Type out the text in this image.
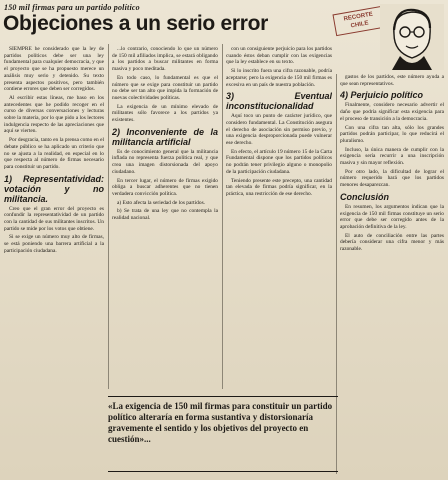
150 mil firmas para un partido político
Objeciones a un serio error	RECORTE
CHILE

SIEMPRE he considerado que la ley de partidos políticos debe ser una ley fundamental para cualquier democracia, y que el proyecto que se ha propuesto merece un análisis muy serio y detenido. Su texto presenta aspectos positivos, pero también contiene errores que deben ser corregidos.

Al escribir estas líneas, me baso en los antecedentes que he podido recoger en el curso de diversas conversaciones y lecturas sobre la materia, por lo que pido a los lectores indulgencia respecto de las apreciaciones que aquí se vierten.

Por desgracia, tanto en la prensa como en el debate público se ha aplicado un criterio que no se ajusta a la realidad, en especial en lo que respecta al número de firmas necesario para constituir un partido.

1) Representatividad: votación y no militancia.

Creo que el gran error del proyecto es confundir la representatividad de un partido con la cantidad de sus militantes inscritos. Un partido se mide por los votos que obtiene.

Si se exige un número muy alto de firmas, se está poniendo una barrera artificial a la participación ciudadana.

...lo contrario, conociendo lo que un número de 150 mil afiliados implica, se estará obligando a los partidos a buscar militantes en forma masiva y poco meditada.

En todo caso, lo fundamental es que el número que se exige para constituir un partido no debe ser tan alto que impida la formación de nuevas colectividades políticas.

La exigencia de un mínimo elevado de militantes sólo favorece a los partidos ya existentes.

2) Inconveniente de la militancia artificial

Es de conocimiento general que la militancia inflada no representa fuerza política real, y que crea una imagen distorsionada del apoyo ciudadano.

En tercer lugar, el número de firmas exigido obliga a buscar adherentes que no tienen verdadera convicción política.

a) Esto afecta la seriedad de los partidos.

b) Se trata de una ley que no contempla la realidad nacional.

con un consiguiente perjuicio para los partidos cuando éstos deban cumplir con las exigencias que la ley establece en su texto.

Si lo inscrito fuera una cifra razonable, podría aceptarse; pero la exigencia de 150 mil firmas es excesiva en un país de nuestra población.

3) Eventual inconstitucionalidad

Aquí toco un punto de carácter jurídico, que considero fundamental. La Constitución asegura el derecho de asociación sin permiso previo, y una exigencia desproporcionada puede vulnerar ese derecho.

En efecto, el artículo 19 número 15 de la Carta Fundamental dispone que los partidos políticos no podrán tener privilegio alguno o monopolio de la participación ciudadana.

Teniendo presente este precepto, una cantidad tan elevada de firmas podría significar, en la práctica, una restricción de ese derecho.

gastos de los partidos, este número ayuda a que sean representativos.

4) Perjuicio político

Finalmente, considero necesario advertir el daño que podría significar esta exigencia para el proceso de transición a la democracia.

Con una cifra tan alta, sólo los grandes partidos podrán participar, lo que reducirá el pluralismo.

Incluso, la única manera de cumplir con la exigencia sería recurrir a una inscripción masiva y sin mayor reflexión.

Por otro lado, la dificultad de lograr el número requerido hará que los partidos menores desaparezcan.

Conclusión

En resumen, los argumentos indican que la exigencia de 150 mil firmas constituye un serio error que debe ser corregido antes de la aprobación definitiva de la ley.

El auto de conciliación entre las partes debería considerar una cifra menor y más razonable.

«La exigencia de 150 mil firmas para constituir un partido político alteraría en forma sustantiva y distorsionaría gravemente el sentido y los objetivos del proyecto en cuestión»...
